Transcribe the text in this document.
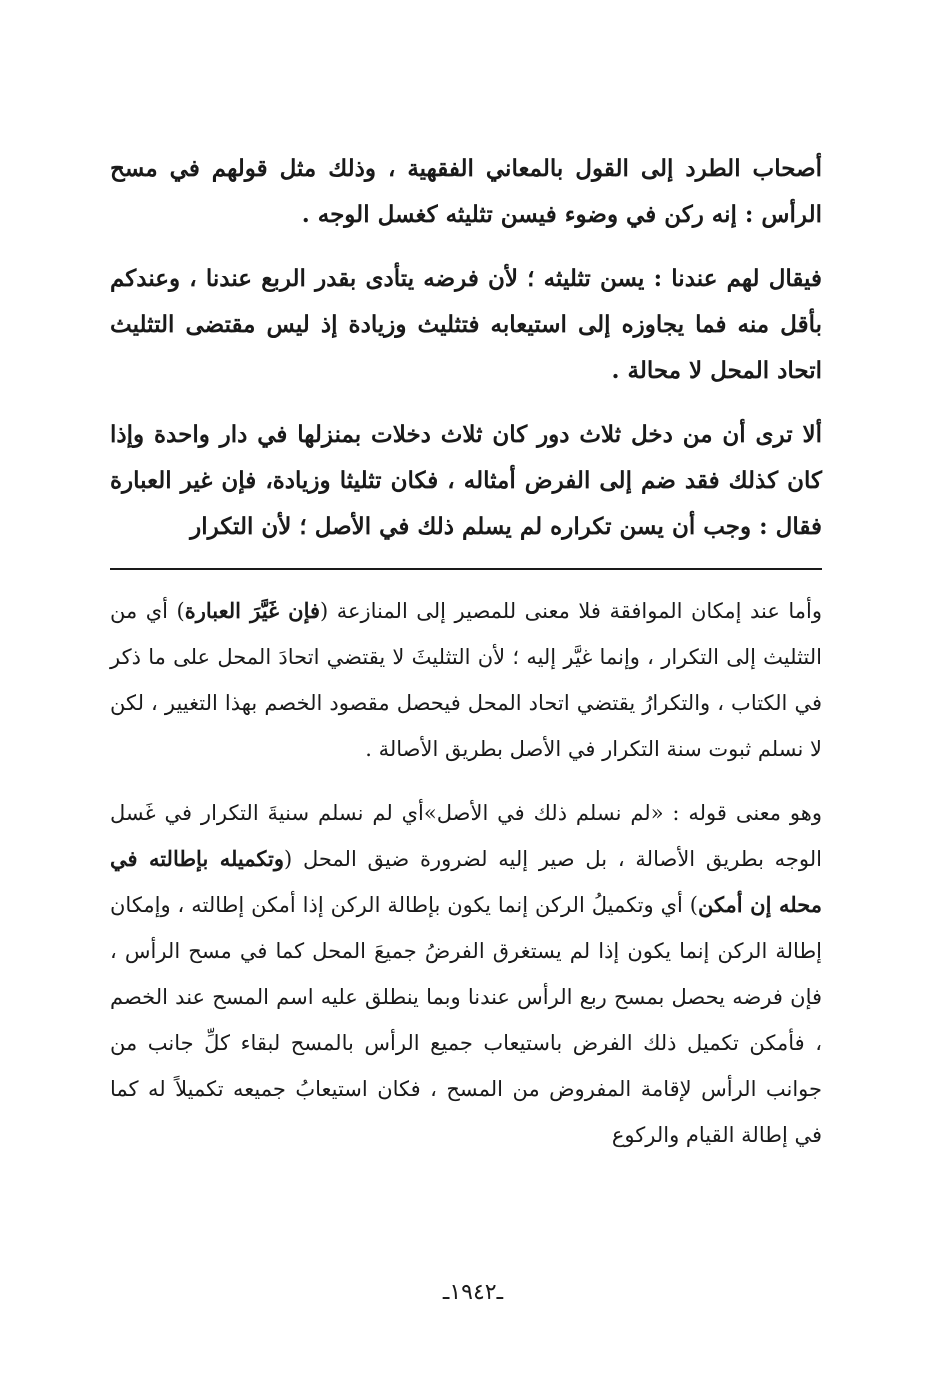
أصحاب الطرد إلى القول بالمعاني الفقهية ، وذلك مثل قولهم في مسح الرأس : إنه ركن في وضوء فيسن تثليثه كغسل الوجه .

فيقال لهم عندنا : يسن تثليثه ؛ لأن فرضه يتأدى بقدر الربع عندنا ، وعندكم بأقل منه فما يجاوزه إلى استيعابه فتثليث وزيادة إذ ليس مقتضى التثليث اتحاد المحل لا محالة .

ألا ترى أن من دخل ثلاث دور كان ثلاث دخلات بمنزلها في دار واحدة وإذا كان كذلك فقد ضم إلى الفرض أمثاله ، فكان تثليثا وزيادة، فإن غير العبارة فقال : وجب أن يسن تكراره لم يسلم ذلك في الأصل ؛ لأن التكرار

وأما عند إمكان الموافقة فلا معنى للمصير إلى المنازعة (فإن غَيَّرَ العبارة) أي من التثليث إلى التكرار ، وإنما غيَّر إليه ؛ لأن التثليثَ لا يقتضي اتحادَ المحل على ما ذكر في الكتاب ، والتكرارُ يقتضي اتحاد المحل فيحصل مقصود الخصم بهذا التغيير ، لكن لا نسلم ثبوت سنة التكرار في الأصل بطريق الأصالة .

وهو معنى قوله : «لم نسلم ذلك في الأصل»أي لم نسلم سنيةَ التكرار في غَسل الوجه بطريق الأصالة ، بل صير إليه لضرورة ضيق المحل (وتكميله بإطالته في محله إن أمكن) أي وتكميلُ الركن إنما يكون بإطالة الركن إذا أمكن إطالته ، وإمكان إطالة الركن إنما يكون إذا لم يستغرق الفرضُ جميعَ المحل كما في مسح الرأس ، فإن فرضه يحصل بمسح ربع الرأس عندنا وبما ينطلق عليه اسم المسح عند الخصم ، فأمكن تكميل ذلك الفرض باستيعاب جميع الرأس بالمسح لبقاء كلِّ جانب من جوانب الرأس لإقامة المفروض من المسح ، فكان استيعابُ جميعه تكميلاً له كما في إطالة القيام والركوع

ـ١٩٤٢ـ
